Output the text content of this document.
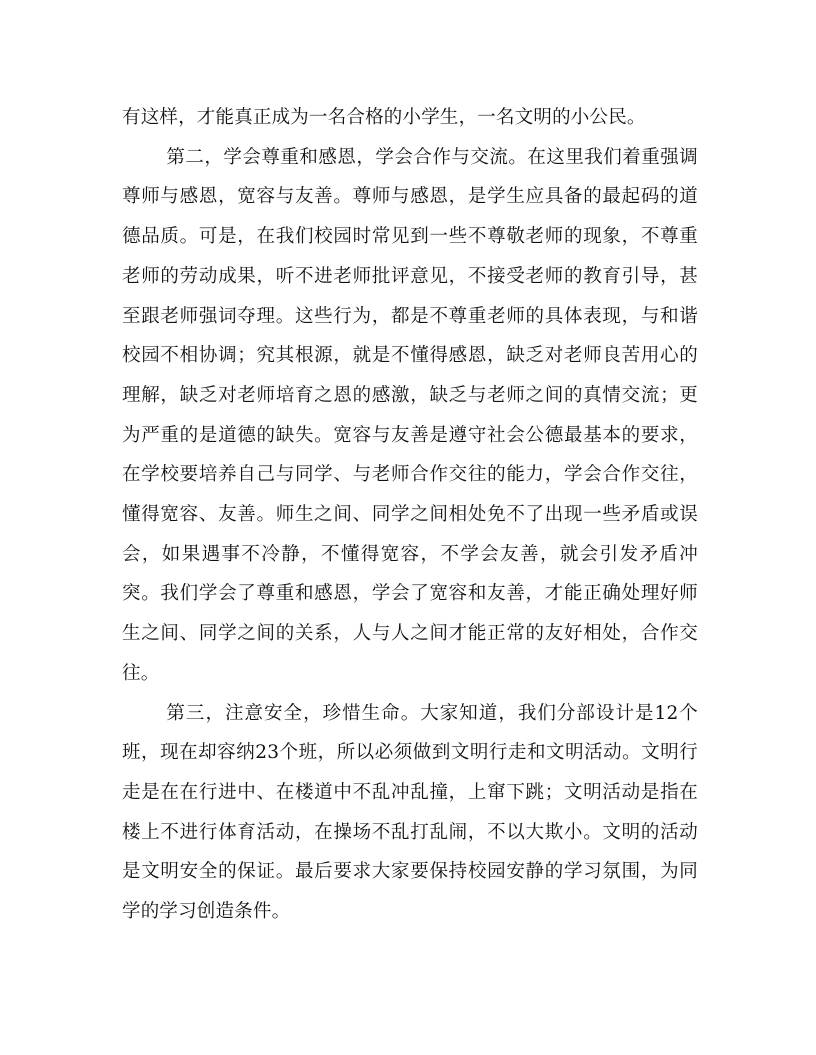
有这样，才能真正成为一名合格的小学生，一名文明的小公民。

第二，学会尊重和感恩，学会合作与交流。在这里我们着重强调尊师与感恩，宽容与友善。尊师与感恩，是学生应具备的最起码的道德品质。可是，在我们校园时常见到一些不尊敬老师的现象，不尊重老师的劳动成果，听不进老师批评意见，不接受老师的教育引导，甚至跟老师强词夺理。这些行为，都是不尊重老师的具体表现，与和谐校园不相协调；究其根源，就是不懂得感恩，缺乏对老师良苦用心的理解，缺乏对老师培育之恩的感激，缺乏与老师之间的真情交流；更为严重的是道德的缺失。宽容与友善是遵守社会公德最基本的要求，在学校要培养自己与同学、与老师合作交往的能力，学会合作交往，懂得宽容、友善。师生之间、同学之间相处免不了出现一些矛盾或误会，如果遇事不冷静，不懂得宽容，不学会友善，就会引发矛盾冲突。我们学会了尊重和感恩，学会了宽容和友善，才能正确处理好师生之间、同学之间的关系，人与人之间才能正常的友好相处，合作交往。

第三，注意安全，珍惜生命。大家知道，我们分部设计是12个班，现在却容纳23个班，所以必须做到文明行走和文明活动。文明行走是在在行进中、在楼道中不乱冲乱撞，上窜下跳；文明活动是指在楼上不进行体育活动，在操场不乱打乱闹，不以大欺小。文明的活动是文明安全的保证。最后要求大家要保持校园安静的学习氛围，为同学的学习创造条件。
